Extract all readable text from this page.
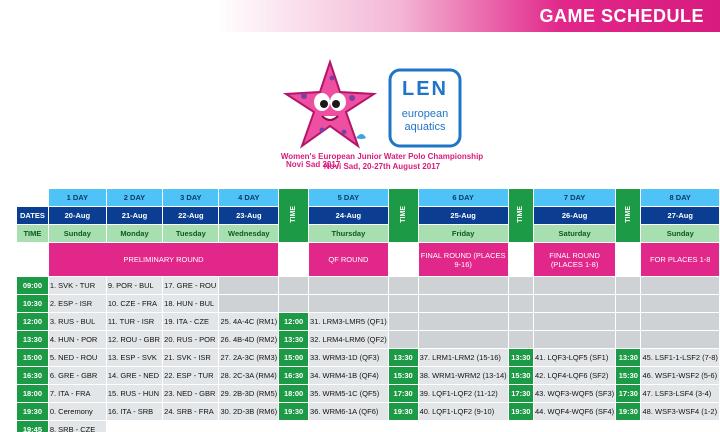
GAME SCHEDULE
Novi Sad 2017
LEN
european
aquatics
Women's European Junior Water Polo Championship
Novi Sad, 20-27th August 2017
	1 DAY	2 DAY	3 DAY	4 DAY	TIME	5 DAY	TIME	6 DAY	TIME	7 DAY	TIME	8 DAY
DATES	20-Aug	21-Aug	22-Aug	23-Aug		24-Aug		25-Aug		26-Aug		27-Aug
TIME	Sunday	Monday	Tuesday	Wednesday		Thursday		Friday		Saturday		Sunday
	PRELIMINARY ROUND					QF ROUND		FINAL ROUND (PLACES 9-16)		FINAL ROUND (PLACES 1-8)		FOR PLACES 1-8
09:00	1. SVK - TUR	9. POR - BUL	17. GRE - ROU									
10:30	2. ESP - ISR	10. CZE - FRA	18. HUN - BUL									
12:00	3. RUS - BUL	11. TUR - ISR	19. ITA - CZE	25. 4A-4C (RM1)	12:00	31. LRM3-LMR5 (QF1)						
13:30	4. HUN - POR	12. ROU - GBR	20. RUS - POR	26. 4B-4D (RM2)	13:30	32. LRM4-LRM6 (QF2)						
15:00	5. NED - ROU	13. ESP - SVK	21. SVK - ISR	27. 2A-3C (RM3)	15:00	33. WRM3-1D (QF3)	13:30	37. LRM1-LRM2 (15-16)	13:30	41. LQF3-LQF5 (SF1)	13:30	45. LSF1-1-LSF2 (7-8)
16:30	6. GRE - GBR	14. GRE - NED	22. ESP - TUR	28. 2C-3A (RM4)	16:30	34. WRM4-1B (QF4)	15:30	38. WRM1-WRM2 (13-14)	15:30	42. LQF4-LQF6 (SF2)	15:30	46. WSF1-WSF2 (5-6)
18:00	7. ITA - FRA	15. RUS - HUN	23. NED - GBR	29. 2B-3D (RM5)	18:00	35. WRM5-1C (QF5)	17:30	39. LQF1-LQF2 (11-12)	17:30	43. WQF3-WQF5 (SF3)	17:30	47. LSF3-LSF4 (3-4)
19:30	0. Ceremony	16. ITA - SRB	24. SRB - FRA	30. 2D-3B (RM6)	19:30	36. WRM6-1A (QF6)	19:30	40. LQF1-LQF2 (9-10)	19:30	44. WQF4-WQF6 (SF4)	19:30	48. WSF3-WSF4 (1-2)
19:45	8. SRB - CZE											
